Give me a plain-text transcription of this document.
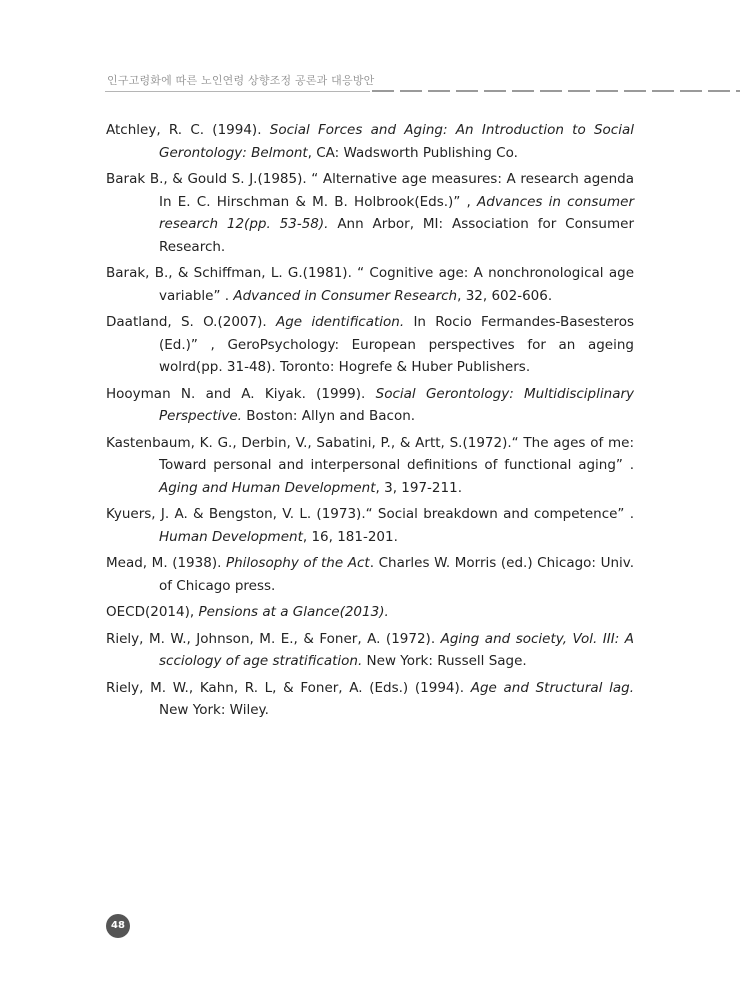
인구고령화에 따른 노인연령 상향조정 공론과 대응방안
Atchley, R. C. (1994). Social Forces and Aging: An Introduction to Social Gerontology: Belmont, CA: Wadsworth Publishing Co.
Barak B., & Gould S. J.(1985). “ Alternative age measures: A research agenda In E. C. Hirschman & M. B. Holbrook(Eds.)” , Advances in consumer research 12(pp. 53-58). Ann Arbor, MI: Association for Consumer Research.
Barak, B., & Schiffman, L. G.(1981). “ Cognitive age: A nonchronological age variable” . Advanced in Consumer Research, 32, 602-606.
Daatland, S. O.(2007). Age identification. In Rocio Fermandes-Basesteros (Ed.)” , GeroPsychology: European perspectives for an ageing wolrd(pp. 31-48). Toronto: Hogrefe & Huber Publishers.
Hooyman N. and A. Kiyak. (1999). Social Gerontology: Multidisciplinary Perspective. Boston: Allyn and Bacon.
Kastenbaum, K. G., Derbin, V., Sabatini, P., & Artt, S.(1972).“ The ages of me: Toward personal and interpersonal definitions of functional aging” . Aging and Human Development, 3, 197-211.
Kyuers, J. A. & Bengston, V. L. (1973).“ Social breakdown and competence” . Human Development, 16, 181-201.
Mead, M. (1938). Philosophy of the Act. Charles W. Morris (ed.) Chicago: Univ. of Chicago press.
OECD(2014), Pensions at a Glance(2013).
Riely, M. W., Johnson, M. E., & Foner, A. (1972). Aging and society, Vol. III: A scciology of age stratification. New York: Russell Sage.
Riely, M. W., Kahn, R. L, & Foner, A. (Eds.) (1994). Age and Structural lag. New York: Wiley.
48
